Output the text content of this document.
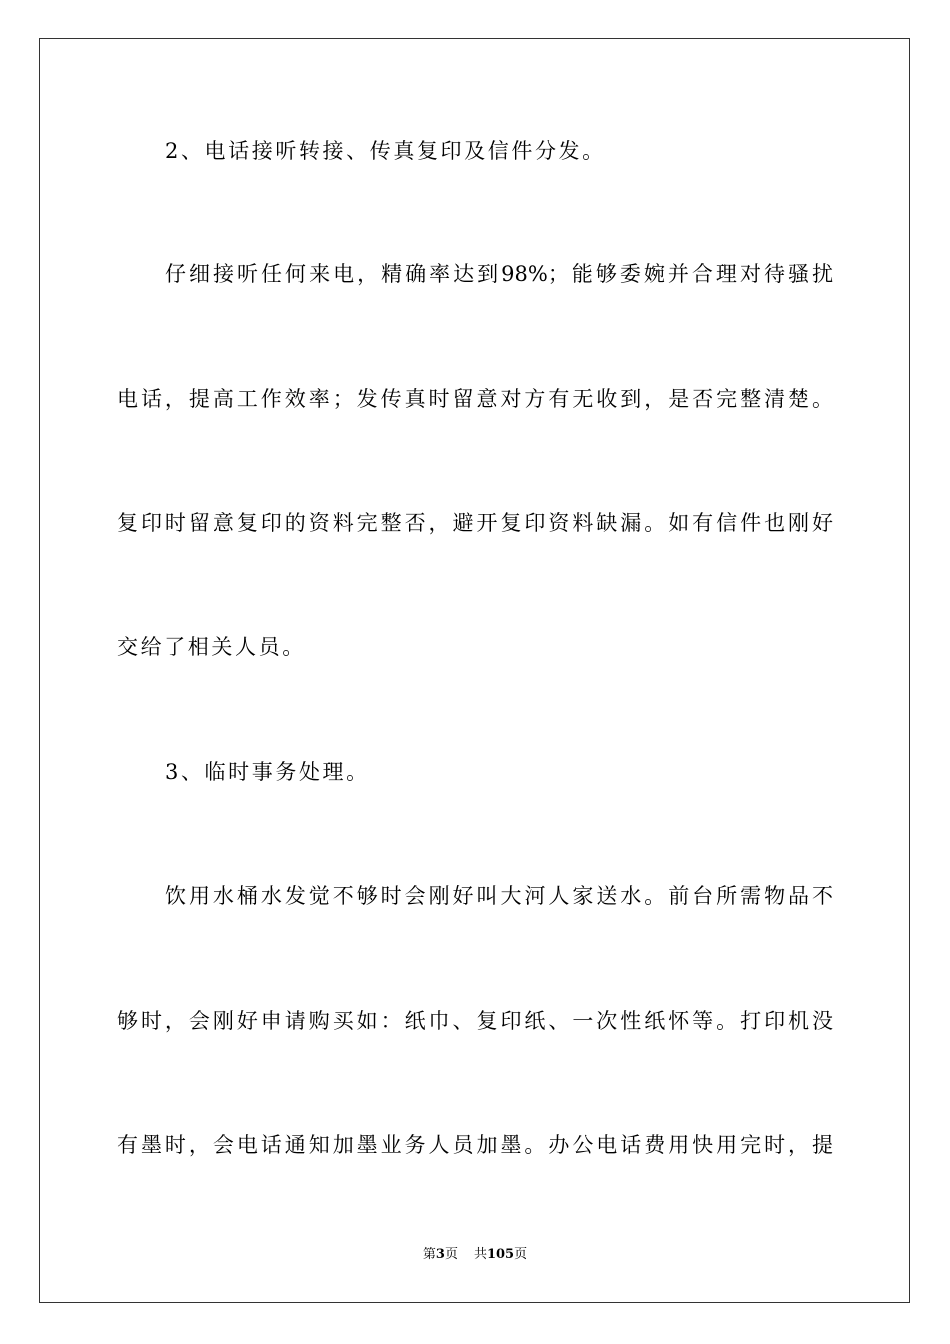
2、电话接听转接、传真复印及信件分发。
仔细接听任何来电，精确率达到98%；能够委婉并合理对待骚扰
电话，提高工作效率；发传真时留意对方有无收到，是否完整清楚。
复印时留意复印的资料完整否，避开复印资料缺漏。如有信件也刚好
交给了相关人员。
3、临时事务处理。
饮用水桶水发觉不够时会刚好叫大河人家送水。前台所需物品不
够时，会刚好申请购买如：纸巾、复印纸、一次性纸怀等。打印机没
有墨时，会电话通知加墨业务人员加墨。办公电话费用快用完时，提
第3页 共105页
